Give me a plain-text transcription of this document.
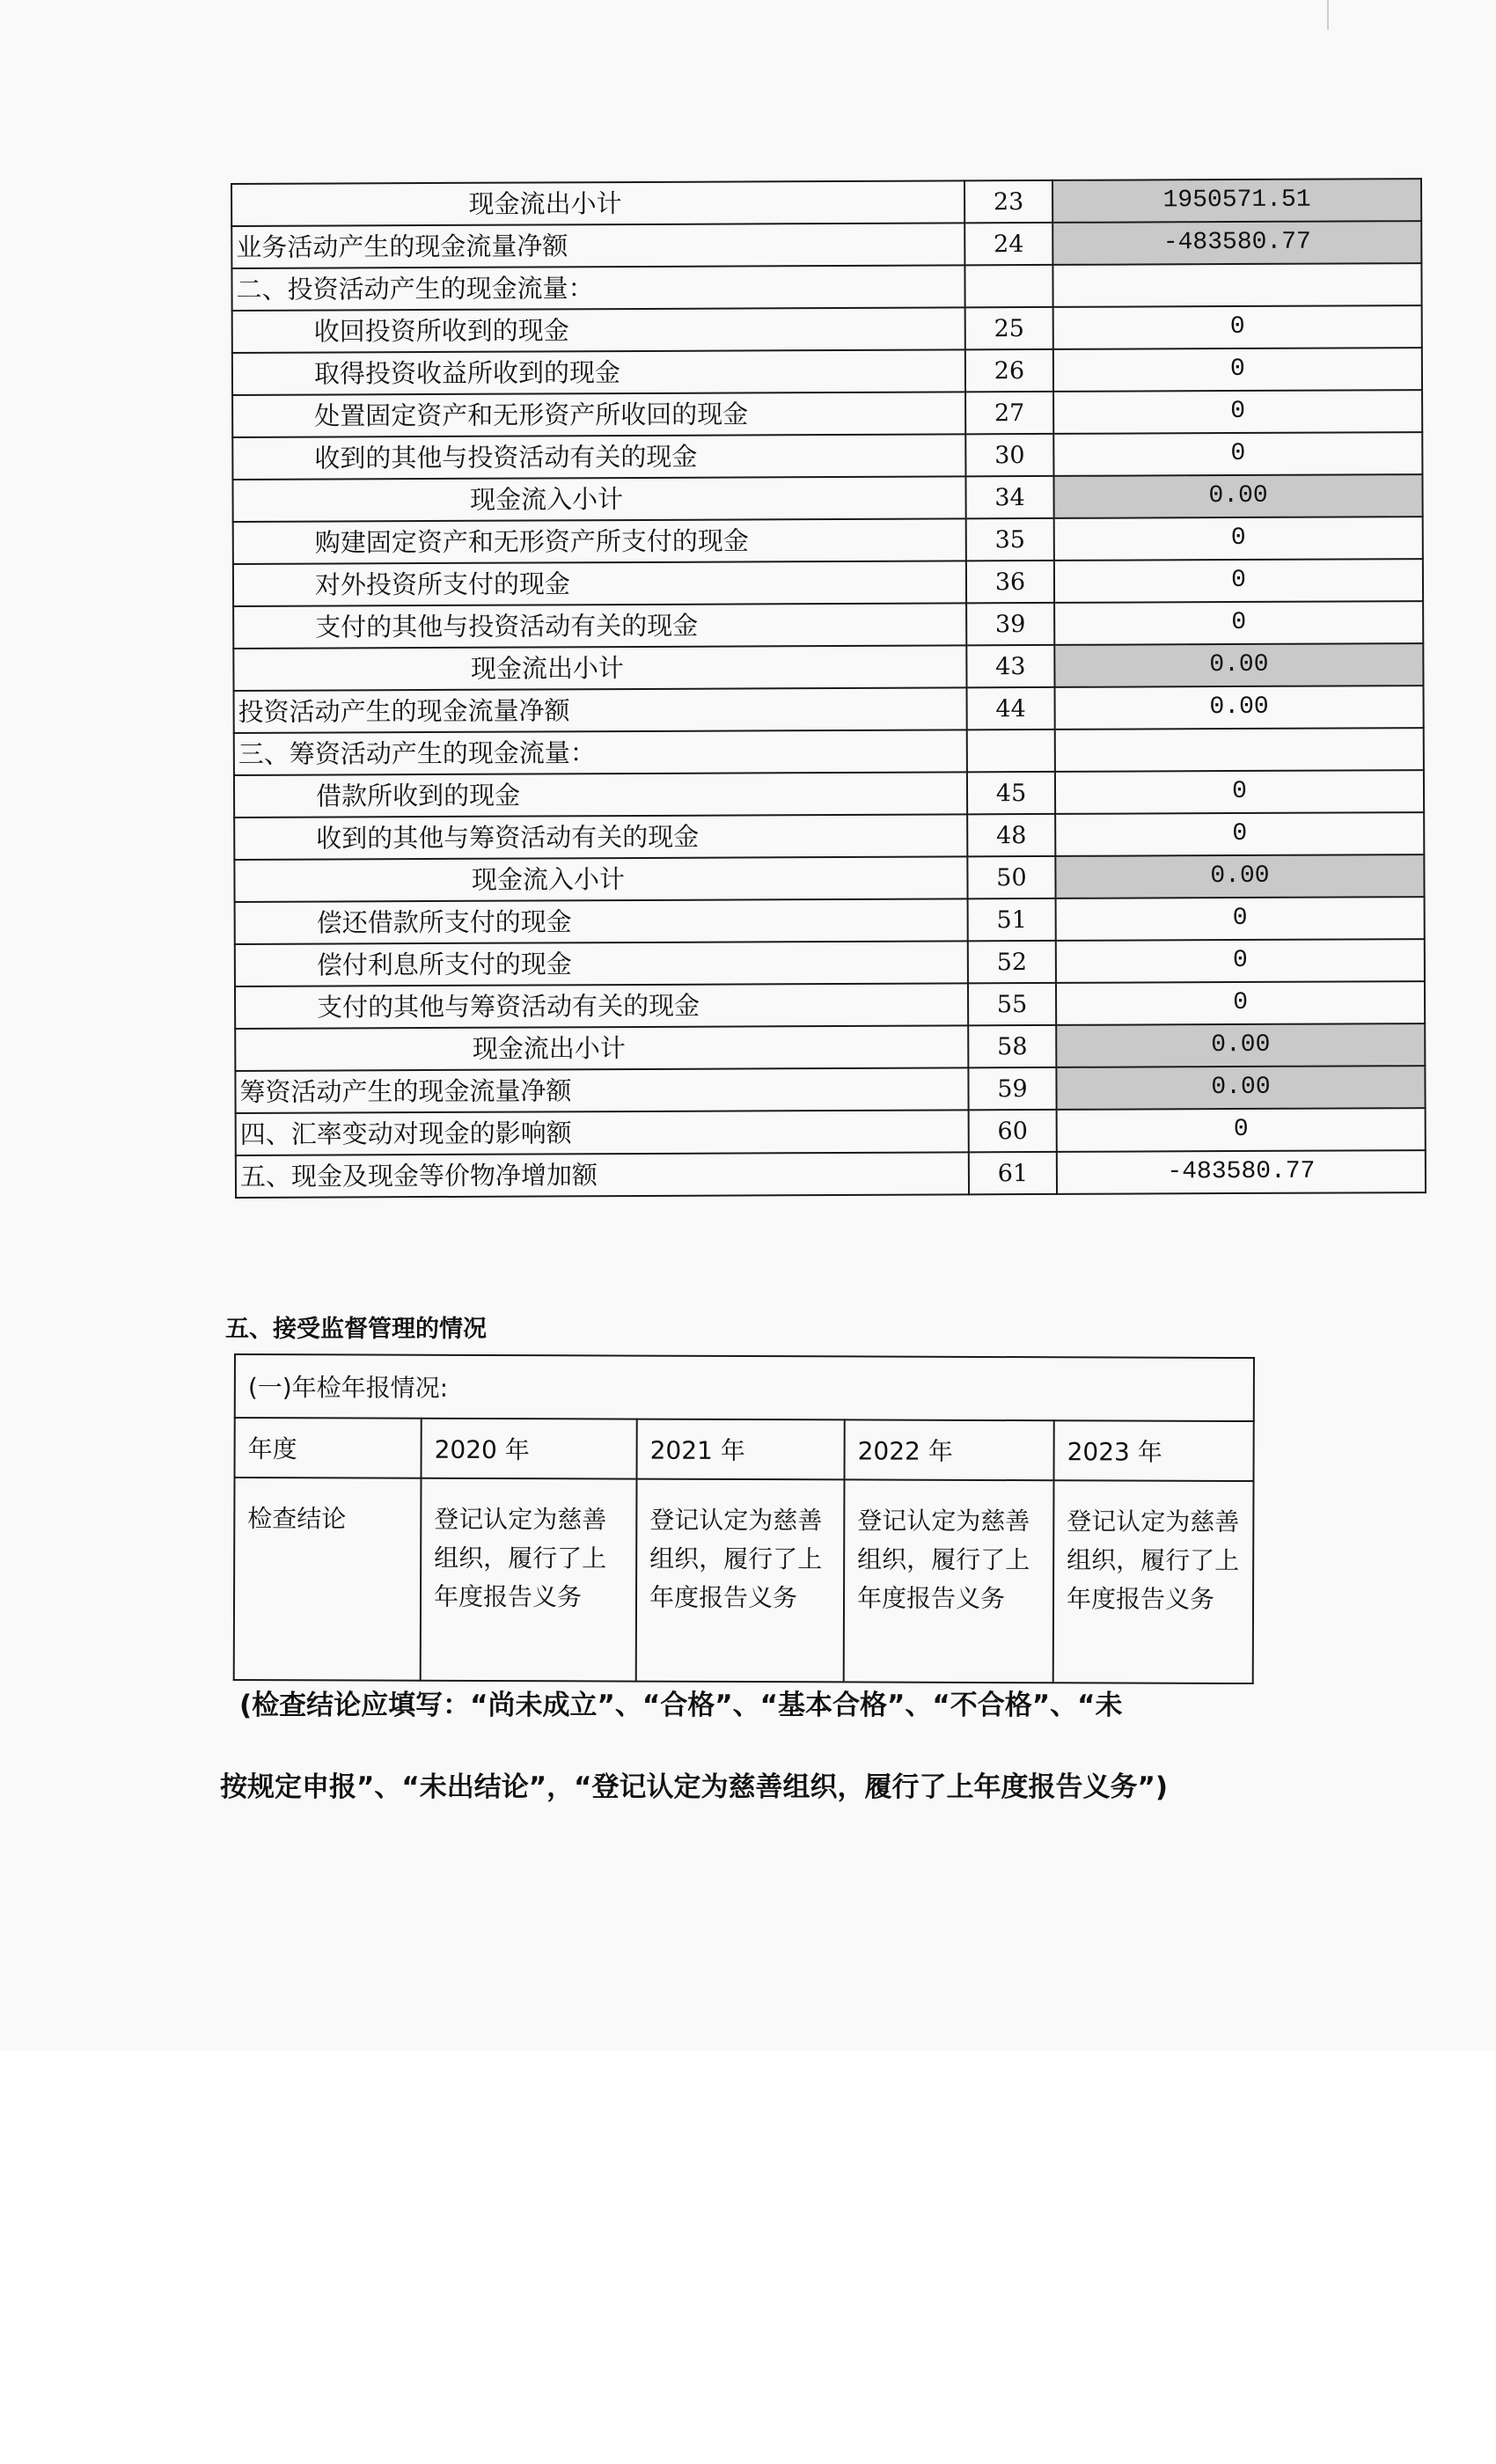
现金流出小计	23	1950571.51
业务活动产生的现金流量净额	24	-483580.77
二、投资活动产生的现金流量：		
收回投资所收到的现金	25	0
取得投资收益所收到的现金	26	0
处置固定资产和无形资产所收回的现金	27	0
收到的其他与投资活动有关的现金	30	0
现金流入小计	34	0.00
购建固定资产和无形资产所支付的现金	35	0
对外投资所支付的现金	36	0
支付的其他与投资活动有关的现金	39	0
现金流出小计	43	0.00
投资活动产生的现金流量净额	44	0.00
三、筹资活动产生的现金流量：		
借款所收到的现金	45	0
收到的其他与筹资活动有关的现金	48	0
现金流入小计	50	0.00
偿还借款所支付的现金	51	0
偿付利息所支付的现金	52	0
支付的其他与筹资活动有关的现金	55	0
现金流出小计	58	0.00
筹资活动产生的现金流量净额	59	0.00
四、汇率变动对现金的影响额	60	0
五、现金及现金等价物净增加额	61	-483580.77
五、接受监督管理的情况
(一)年检年报情况:				
年度	2020 年	2021 年	2022 年	2023 年
检查结论	登记认定为慈善组织，履行了上年度报告义务	登记认定为慈善组织，履行了上年度报告义务	登记认定为慈善组织，履行了上年度报告义务	登记认定为慈善组织，履行了上年度报告义务
(检查结论应填写：“尚未成立”、“合格”、“基本合格”、“不合格”、“未
按规定申报”、“未出结论”，“登记认定为慈善组织，履行了上年度报告义务”)
